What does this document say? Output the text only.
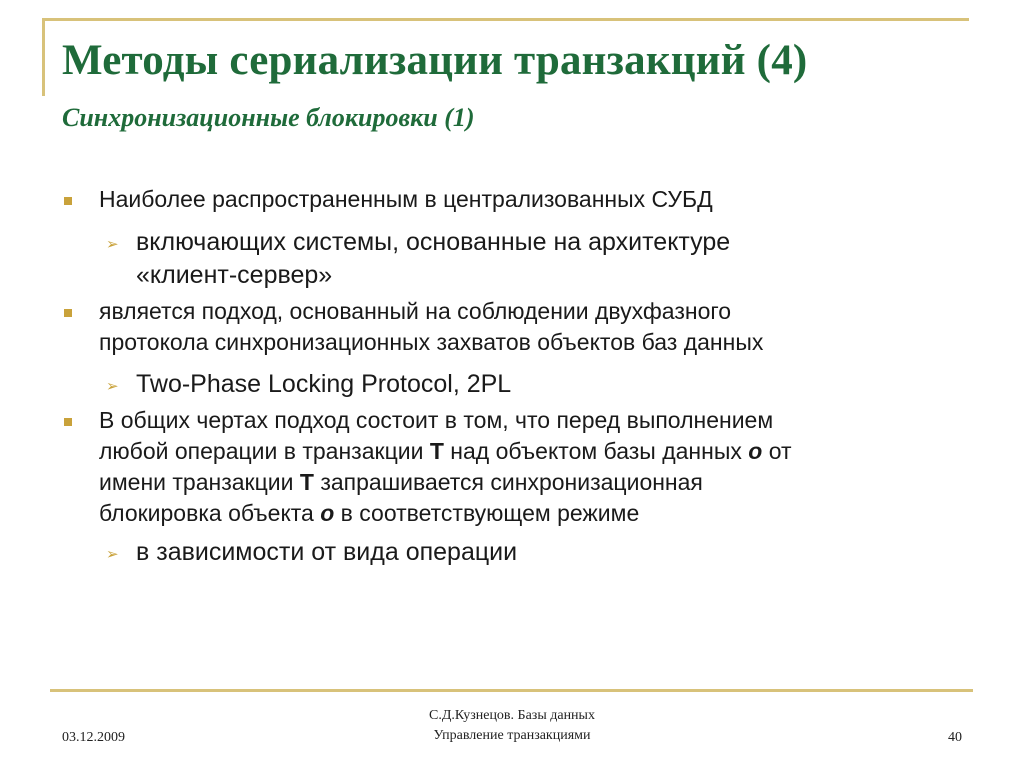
Методы сериализации транзакций (4)
Синхронизационные блокировки (1)
Наиболее распространенным в централизованных СУБД
➢ включающих системы, основанные на архитектуре
«клиент-сервер»
является подход, основанный на соблюдении двухфазного
протокола синхронизационных захватов объектов баз данных
➢ Two-Phase Locking Protocol, 2PL
В общих чертах подход состоит в том, что перед выполнением
любой операции в транзакции T над объектом базы данных o от
имени транзакции T запрашивается синхронизационная
блокировка объекта o в соответствующем режиме
➢ в зависимости от вида операции
03.12.2009
С.Д.Кузнецов. Базы данных
Управление транзакциями	40
